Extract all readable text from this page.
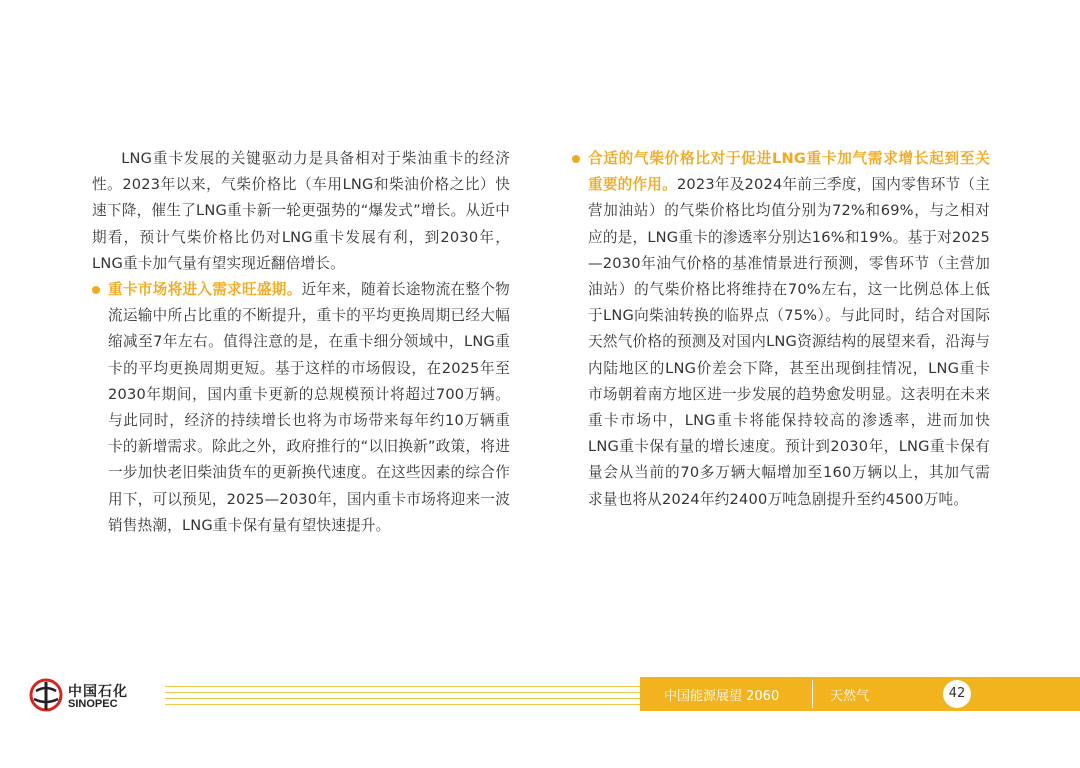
LNG重卡发展的关键驱动力是具备相对于柴油重卡的经济性。2023年以来，气柴价格比（车用LNG和柴油价格之比）快速下降，催生了LNG重卡新一轮更强势的“爆发式”增长。从近中期看，预计气柴价格比仍对LNG重卡发展有利，到2030年，LNG重卡加气量有望实现近翻倍增长。

重卡市场将进入需求旺盛期。近年来，随着长途物流在整个物流运输中所占比重的不断提升，重卡的平均更换周期已经大幅缩减至7年左右。值得注意的是，在重卡细分领域中，LNG重卡的平均更换周期更短。基于这样的市场假设，在2025年至2030年期间，国内重卡更新的总规模预计将超过700万辆。与此同时，经济的持续增长也将为市场带来每年约10万辆重卡的新增需求。除此之外，政府推行的“以旧换新”政策，将进一步加快老旧柴油货车的更新换代速度。在这些因素的综合作用下，可以预见，2025—2030年，国内重卡市场将迎来一波销售热潮，LNG重卡保有量有望快速提升。

合适的气柴价格比对于促进LNG重卡加气需求增长起到至关重要的作用。2023年及2024年前三季度，国内零售环节（主营加油站）的气柴价格比均值分别为72%和69%，与之相对应的是，LNG重卡的渗透率分别达16%和19%。基于对2025—2030年油气价格的基准情景进行预测，零售环节（主营加油站）的气柴价格比将维持在70%左右，这一比例总体上低于LNG向柴油转换的临界点（75%）。与此同时，结合对国际天然气价格的预测及对国内LNG资源结构的展望来看，沿海与内陆地区的LNG价差会下降，甚至出现倒挂情况，LNG重卡市场朝着南方地区进一步发展的趋势愈发明显。这表明在未来重卡市场中，LNG重卡将能保持较高的渗透率，进而加快LNG重卡保有量的增长速度。预计到2030年，LNG重卡保有量会从当前的70多万辆大幅增加至160万辆以上，其加气需求量也将从2024年约2400万吨急剧提升至约4500万吨。

中国石化
SINOPEC	中国能源展望 2060	天然气	42
